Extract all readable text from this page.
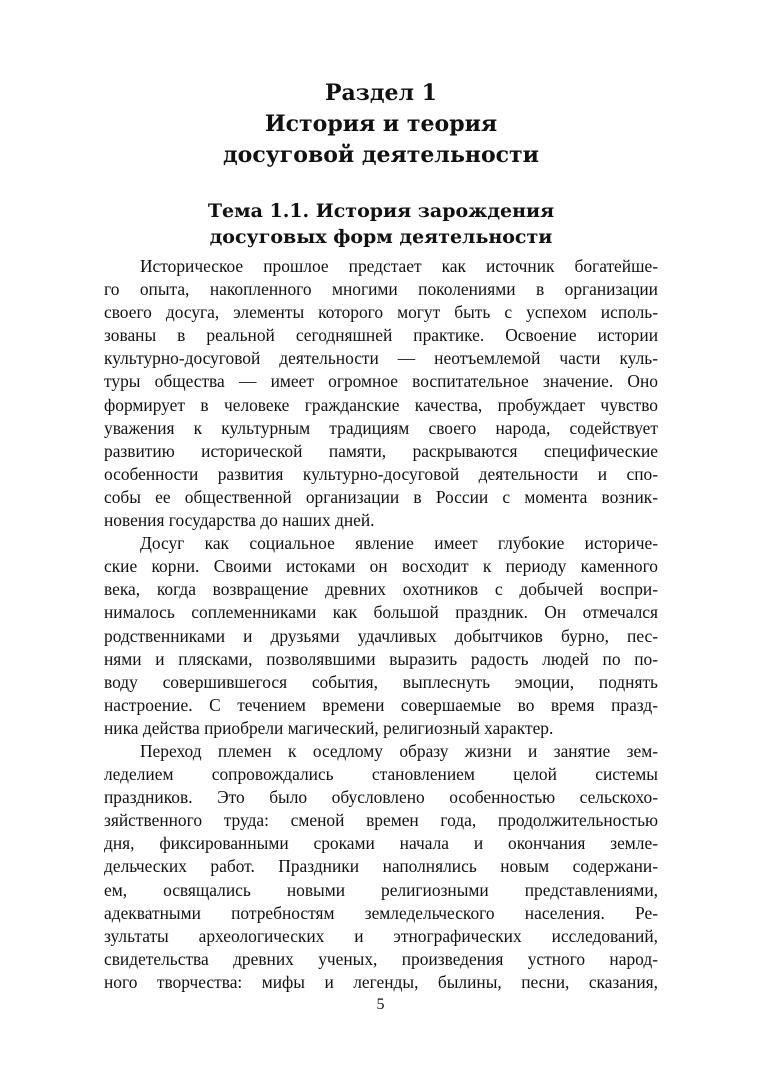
Раздел 1
История и теория
досуговой деятельности
Тема 1.1. История зарождения
досуговых форм деятельности

Историческое прошлое предстает как источник богатейше-
го опыта, накопленного многими поколениями в организации
своего досуга, элементы которого могут быть с успехом исполь-
зованы в реальной сегодняшней практике. Освоение истории
культурно-досуговой деятельности — неотъемлемой части куль-
туры общества — имеет огромное воспитательное значение. Оно
формирует в человеке гражданские качества, пробуждает чувство
уважения к культурным традициям своего народа, содействует
развитию исторической памяти, раскрываются специфические
особенности развития культурно-досуговой деятельности и спо-
собы ее общественной организации в России с момента возник-
новения государства до наших дней.

Досуг как социальное явление имеет глубокие историче-
ские корни. Своими истоками он восходит к периоду каменного
века, когда возвращение древних охотников с добычей воспри-
нималось соплеменниками как большой праздник. Он отмечался
родственниками и друзьями удачливых добытчиков бурно, пес-
нями и плясками, позволявшими выразить радость людей по по-
воду совершившегося события, выплеснуть эмоции, поднять
настроение. С течением времени совершаемые во время празд-
ника действа приобрели магический, религиозный характер.

Переход племен к оседлому образу жизни и занятие зем-
леделием сопровождались становлением целой системы
праздников. Это было обусловлено особенностью сельскохо-
зяйственного труда: сменой времен года, продолжительностью
дня, фиксированными сроками начала и окончания земле-
дельческих работ. Праздники наполнялись новым содержани-
ем, освящались новыми религиозными представлениями,
адекватными потребностям земледельческого населения. Ре-
зультаты археологических и этнографических исследований,
свидетельства древних ученых, произведения устного народ-
ного творчества: мифы и легенды, былины, песни, сказания,

5
